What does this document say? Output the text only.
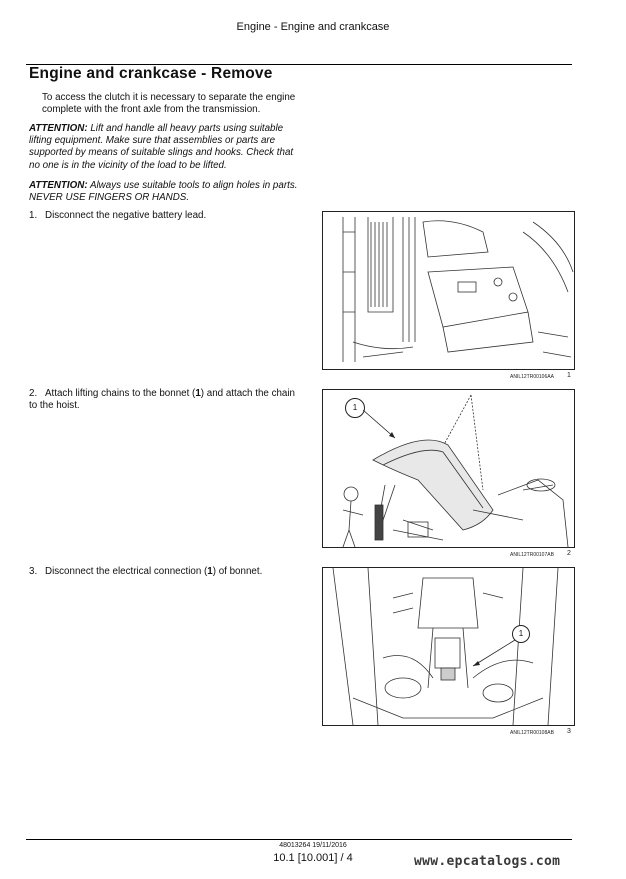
Engine - Engine and crankcase
Engine and crankcase - Remove
To access the clutch it is necessary to separate the engine complete with the front axle from the transmission.
ATTENTION: Lift and handle all heavy parts using suitable lifting equipment. Make sure that assemblies or parts are supported by means of suitable slings and hooks. Check that no one is in the vicinity of the load to be lifted.
ATTENTION: Always use suitable tools to align holes in parts. NEVER USE FINGERS OR HANDS.
1. Disconnect the negative battery lead.
2. Attach lifting chains to the bonnet (1) and attach the chain to the hoist.
3. Disconnect the electrical connection (1) of bonnet.
ANIL12TR00106AA 1
1
ANIL12TR00107AB 2
1
ANIL12TR00108AB 3
48013264 19/11/2016
10.1 [10.001] / 4	www.epcatalogs.com
